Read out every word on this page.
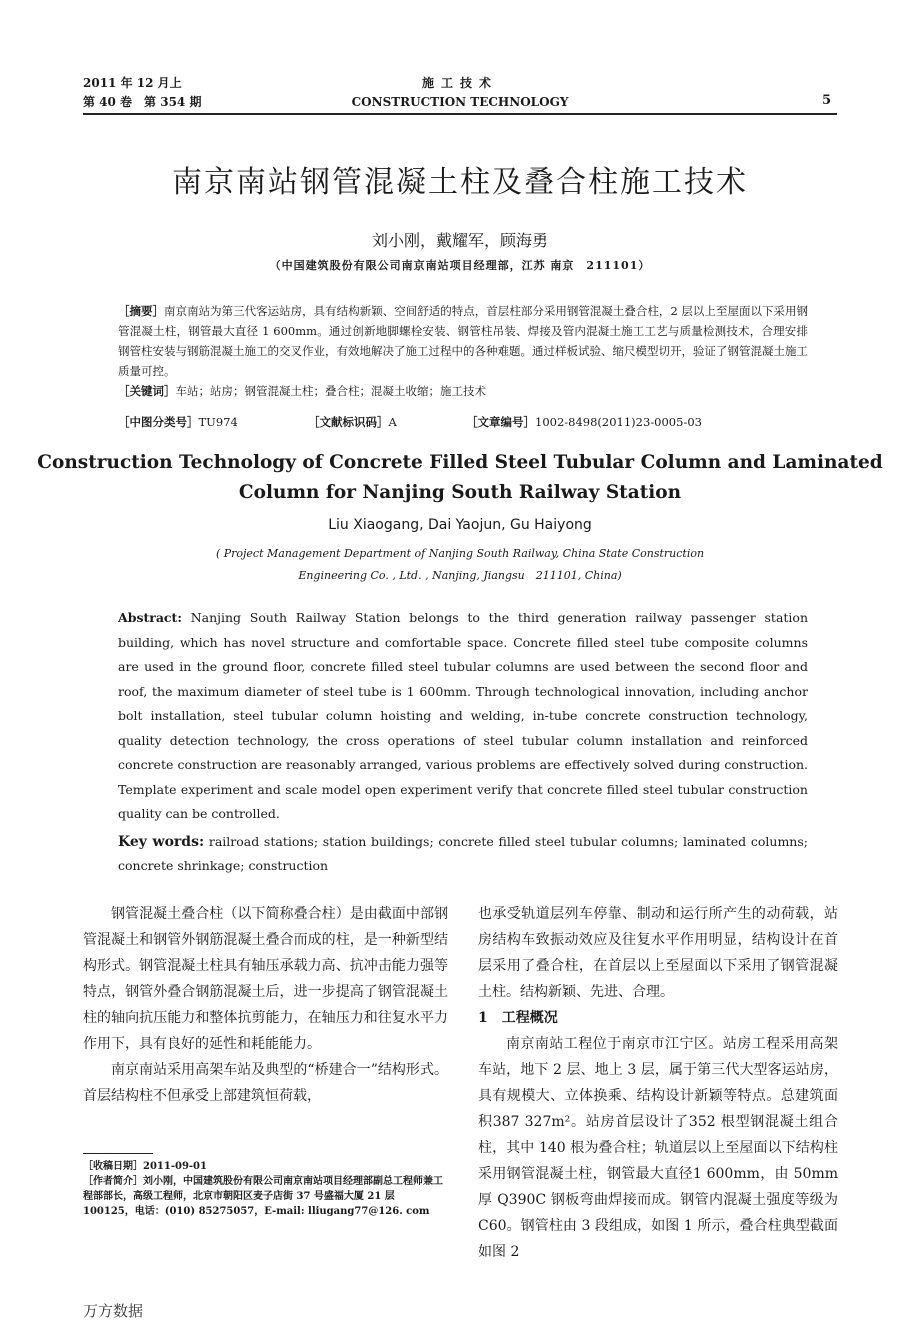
2011 年 12 月上
第 40 卷　第 354 期
施工技术
CONSTRUCTION TECHNOLOGY	5
南京南站钢管混凝土柱及叠合柱施工技术
刘小刚，戴耀军，顾海勇
（中国建筑股份有限公司南京南站项目经理部，江苏 南京　211101）
［摘要］南京南站为第三代客运站房，具有结构新颖、空间舒适的特点，首层柱部分采用钢管混凝土叠合柱，2 层以上至屋面以下采用钢管混凝土柱，钢管最大直径 1 600mm。通过创新地脚螺栓安装、钢管柱吊装、焊接及管内混凝土施工工艺与质量检测技术，合理安排钢管柱安装与钢筋混凝土施工的交叉作业，有效地解决了施工过程中的各种难题。通过样板试验、缩尺模型切开，验证了钢管混凝土施工质量可控。
［关键词］车站；站房；钢管混凝土柱；叠合柱；混凝土收缩；施工技术
［中图分类号］TU974	［文献标识码］A	［文章编号］1002-8498(2011)23-0005-03
Construction Technology of Concrete Filled Steel Tubular Column and Laminated Column for Nanjing South Railway Station
Liu Xiaogang, Dai Yaojun, Gu Haiyong
( Project Management Department of Nanjing South Railway, China State Construction
Engineering Co. , Ltd. , Nanjing, Jiangsu　211101, China)
Abstract: Nanjing South Railway Station belongs to the third generation railway passenger station building, which has novel structure and comfortable space. Concrete filled steel tube composite columns are used in the ground floor, concrete filled steel tubular columns are used between the second floor and roof, the maximum diameter of steel tube is 1 600mm. Through technological innovation, including anchor bolt installation, steel tubular column hoisting and welding, in-tube concrete construction technology, quality detection technology, the cross operations of steel tubular column installation and reinforced concrete construction are reasonably arranged, various problems are effectively solved during construction. Template experiment and scale model open experiment verify that concrete filled steel tubular construction quality can be controlled.
Key words: railroad stations; station buildings; concrete filled steel tubular columns; laminated columns; concrete shrinkage; construction

钢管混凝土叠合柱（以下简称叠合柱）是由截面中部钢管混凝土和钢管外钢筋混凝土叠合而成的柱，是一种新型结构形式。钢管混凝土柱具有轴压承载力高、抗冲击能力强等特点，钢管外叠合钢筋混凝土后，进一步提高了钢管混凝土柱的轴向抗压能力和整体抗剪能力，在轴压力和往复水平力作用下，具有良好的延性和耗能能力。

南京南站采用高架车站及典型的“桥建合一”结构形式。首层结构柱不但承受上部建筑恒荷载，

也承受轨道层列车停靠、制动和运行所产生的动荷载，站房结构车致振动效应及往复水平作用明显，结构设计在首层采用了叠合柱，在首层以上至屋面以下采用了钢管混凝土柱。结构新颖、先进、合理。

1 工程概况

南京南站工程位于南京市江宁区。站房工程采用高架车站，地下 2 层、地上 3 层，属于第三代大型客运站房，具有规模大、立体换乘、结构设计新颖等特点。总建筑面积387 327m²。站房首层设计了352 根型钢混凝土组合柱，其中 140 根为叠合柱；轨道层以上至屋面以下结构柱采用钢管混凝土柱，钢管最大直径1 600mm，由 50mm 厚 Q390C 钢板弯曲焊接而成。钢管内混凝土强度等级为 C60。钢管柱由 3 段组成，如图 1 所示，叠合柱典型截面如图 2

［收稿日期］2011-09-01

［作者简介］刘小刚，中国建筑股份有限公司南京南站项目经理部副总工程师兼工程部部长，高级工程师，北京市朝阳区麦子店街 37 号盛福大厦 21 层　100125，电话：(010) 85275057，E-mail: lliugang77@126. com

万方数据
